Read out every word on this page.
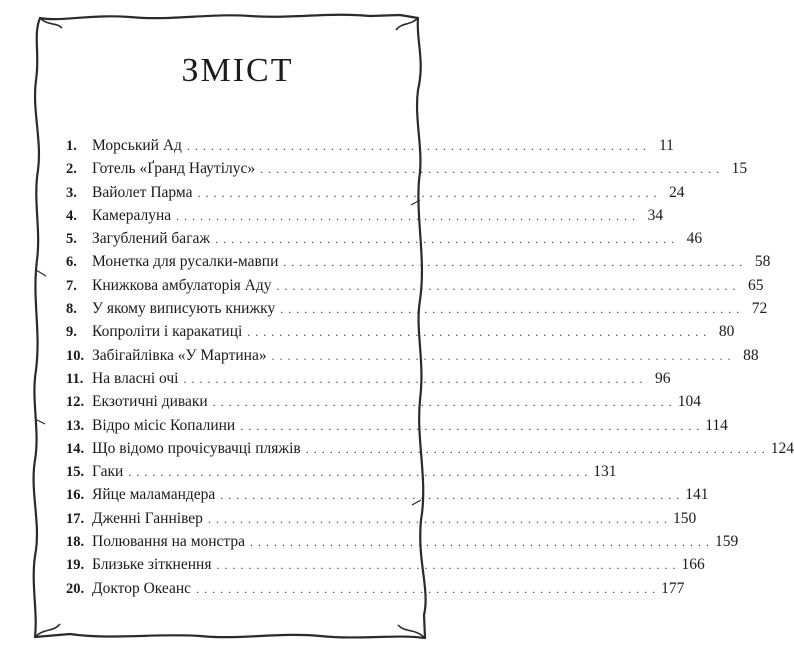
ЗМІСТ
1. Морський Ад . . . . . . . . . . . . . . . . . . . . . . . . . . . . . . . . . . . . . . . . . . . . . . . . . . . . . . . . . . 11
2. Готель «Ґранд Наутілус» . . . . . . . . . . . . . . . . . . . . . . . . . . . . . . . . . . . . . . . . . . . . . . . . . . . . . . . . . . 15
3. Вайолет Парма . . . . . . . . . . . . . . . . . . . . . . . . . . . . . . . . . . . . . . . . . . . . . . . . . . . . . . . . . . 24
4. Камералуна . . . . . . . . . . . . . . . . . . . . . . . . . . . . . . . . . . . . . . . . . . . . . . . . . . . . . . . . . . 34
5. Загублений багаж . . . . . . . . . . . . . . . . . . . . . . . . . . . . . . . . . . . . . . . . . . . . . . . . . . . . . . . . . . 46
6. Монетка для русалки-мавпи . . . . . . . . . . . . . . . . . . . . . . . . . . . . . . . . . . . . . . . . . . . . . . . . . . . . . . . . . . 58
7. Книжкова амбулаторія Аду . . . . . . . . . . . . . . . . . . . . . . . . . . . . . . . . . . . . . . . . . . . . . . . . . . . . . . . . . . 65
8. У якому виписують книжку . . . . . . . . . . . . . . . . . . . . . . . . . . . . . . . . . . . . . . . . . . . . . . . . . . . . . . . . . . 72
9. Копроліти і каракатиці . . . . . . . . . . . . . . . . . . . . . . . . . . . . . . . . . . . . . . . . . . . . . . . . . . . . . . . . . . 80
10. Забігайлівка «У Мартина» . . . . . . . . . . . . . . . . . . . . . . . . . . . . . . . . . . . . . . . . . . . . . . . . . . . . . . . . . . 88
11. На власні очі . . . . . . . . . . . . . . . . . . . . . . . . . . . . . . . . . . . . . . . . . . . . . . . . . . . . . . . . . . 96
12. Екзотичні диваки . . . . . . . . . . . . . . . . . . . . . . . . . . . . . . . . . . . . . . . . . . . . . . . . . . . . . . . . . . 104
13. Відро місіс Копалини . . . . . . . . . . . . . . . . . . . . . . . . . . . . . . . . . . . . . . . . . . . . . . . . . . . . . . . . . . 114
14. Що відомо прочісувачці пляжів . . . . . . . . . . . . . . . . . . . . . . . . . . . . . . . . . . . . . . . . . . . . . . . . . . . . . . . . . . 124
15. Гаки . . . . . . . . . . . . . . . . . . . . . . . . . . . . . . . . . . . . . . . . . . . . . . . . . . . . . . . . . . 131
16. Яйце маламандера . . . . . . . . . . . . . . . . . . . . . . . . . . . . . . . . . . . . . . . . . . . . . . . . . . . . . . . . . . 141
17. Дженні Ганнівер . . . . . . . . . . . . . . . . . . . . . . . . . . . . . . . . . . . . . . . . . . . . . . . . . . . . . . . . . . 150
18. Полювання на монстра . . . . . . . . . . . . . . . . . . . . . . . . . . . . . . . . . . . . . . . . . . . . . . . . . . . . . . . . . . 159
19. Близьке зіткнення . . . . . . . . . . . . . . . . . . . . . . . . . . . . . . . . . . . . . . . . . . . . . . . . . . . . . . . . . . 166
20. Доктор Океанс . . . . . . . . . . . . . . . . . . . . . . . . . . . . . . . . . . . . . . . . . . . . . . . . . . . . . . . . . . 177
